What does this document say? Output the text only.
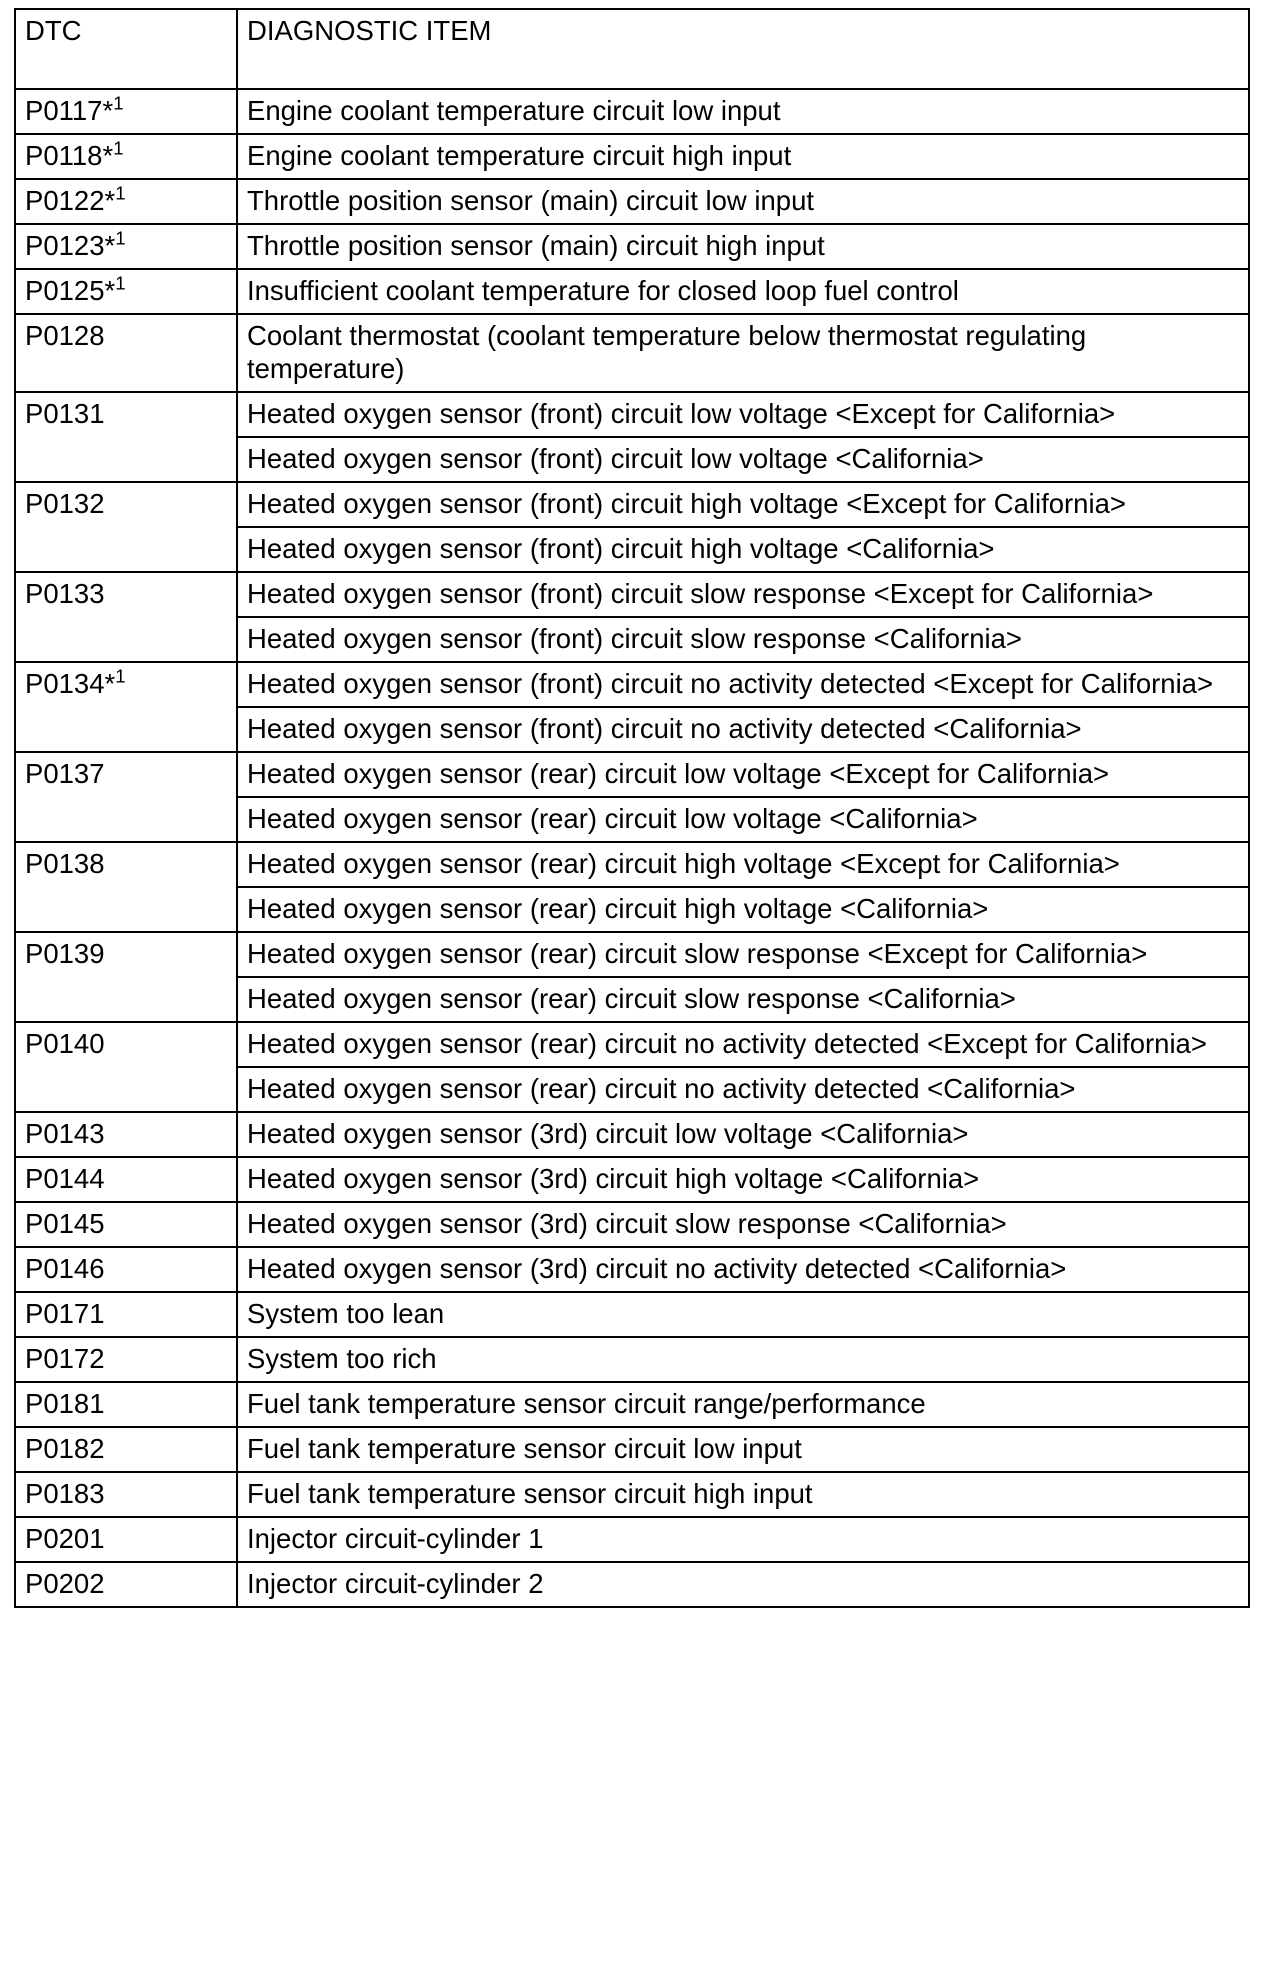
DTC	DIAGNOSTIC ITEM
P0117*$^1$	Engine coolant temperature circuit low input
P0118*$^1$	Engine coolant temperature circuit high input
P0122*$^1$	Throttle position sensor (main) circuit low input
P0123*$^1$	Throttle position sensor (main) circuit high input
P0125*$^1$	Insufficient coolant temperature for closed loop fuel control
P0128	Coolant thermostat (coolant temperature below thermostat regulating temperature)
P0131	Heated oxygen sensor (front) circuit low voltage <Except for California>
	Heated oxygen sensor (front) circuit low voltage <California>
P0132	Heated oxygen sensor (front) circuit high voltage <Except for California>
	Heated oxygen sensor (front) circuit high voltage <California>
P0133	Heated oxygen sensor (front) circuit slow response <Except for California>
	Heated oxygen sensor (front) circuit slow response <California>
P0134*$^1$	Heated oxygen sensor (front) circuit no activity detected <Except for California>
	Heated oxygen sensor (front) circuit no activity detected <California>
P0137	Heated oxygen sensor (rear) circuit low voltage <Except for California>
	Heated oxygen sensor (rear) circuit low voltage <California>
P0138	Heated oxygen sensor (rear) circuit high voltage <Except for California>
	Heated oxygen sensor (rear) circuit high voltage <California>
P0139	Heated oxygen sensor (rear) circuit slow response <Except for California>
	Heated oxygen sensor (rear) circuit slow response <California>
P0140	Heated oxygen sensor (rear) circuit no activity detected <Except for California>
	Heated oxygen sensor (rear) circuit no activity detected <California>
P0143	Heated oxygen sensor (3rd) circuit low voltage <California>
P0144	Heated oxygen sensor (3rd) circuit high voltage <California>
P0145	Heated oxygen sensor (3rd) circuit slow response <California>
P0146	Heated oxygen sensor (3rd) circuit no activity detected <California>
P0171	System too lean
P0172	System too rich
P0181	Fuel tank temperature sensor circuit range/performance
P0182	Fuel tank temperature sensor circuit low input
P0183	Fuel tank temperature sensor circuit high input
P0201	Injector circuit-cylinder 1
P0202	Injector circuit-cylinder 2
